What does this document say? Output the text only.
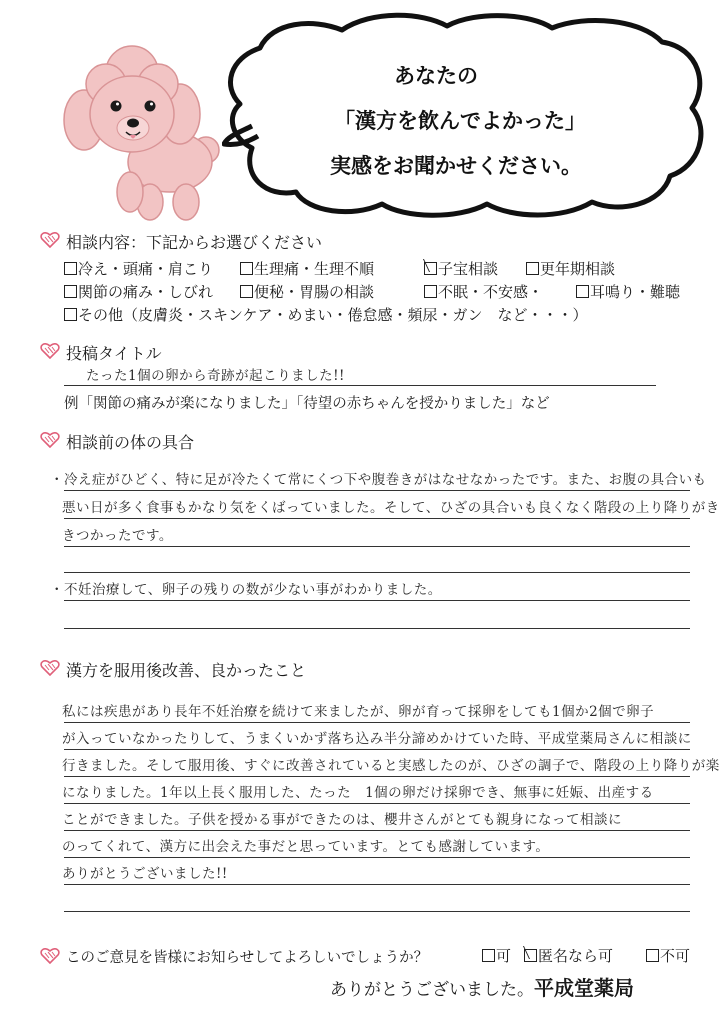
あなたの
「漢方を飲んでよかった」
実感をお聞かせください。
相談内容：下記からお選びください
冷え・頭痛・肩こり	生理痛・生理不順	子宝相談	更年期相談
関節の痛み・しびれ	便秘・胃腸の相談	不眠・不安感・	耳鳴り・難聴
その他（皮膚炎・スキンケア・めまい・倦怠感・頻尿・ガン　など・・・）
投稿タイトル
たった1個の卵から奇跡が起こりました!!
例「関節の痛みが楽になりました」「待望の赤ちゃんを授かりました」など
相談前の体の具合
・冷え症がひどく、特に足が冷たくて常にくつ下や腹巻きがはなせなかったです。また、お腹の具合いも
悪い日が多く食事もかなり気をくばっていました。そして、ひざの具合いも良くなく階段の上り降りがき
きつかったです。
・不妊治療して、卵子の残りの数が少ない事がわかりました。
漢方を服用後改善、良かったこと
私には疾患があり長年不妊治療を続けて来ましたが、卵が育って採卵をしても1個か2個で卵子
が入っていなかったりして、うまくいかず落ち込み半分諦めかけていた時、平成堂薬局さんに相談に
行きました。そして服用後、すぐに改善されていると実感したのが、ひざの調子で、階段の上り降りが楽
になりました。1年以上長く服用した、たった　1個の卵だけ採卵でき、無事に妊娠、出産する
ことができました。子供を授かる事ができたのは、櫻井さんがとても親身になって相談に
のってくれて、漢方に出会えた事だと思っています。とても感謝しています。
ありがとうございました!!
このご意見を皆様にお知らせしてよろしいでしょうか？	可	匿名なら可	不可
ありがとうございました。平成堂薬局
